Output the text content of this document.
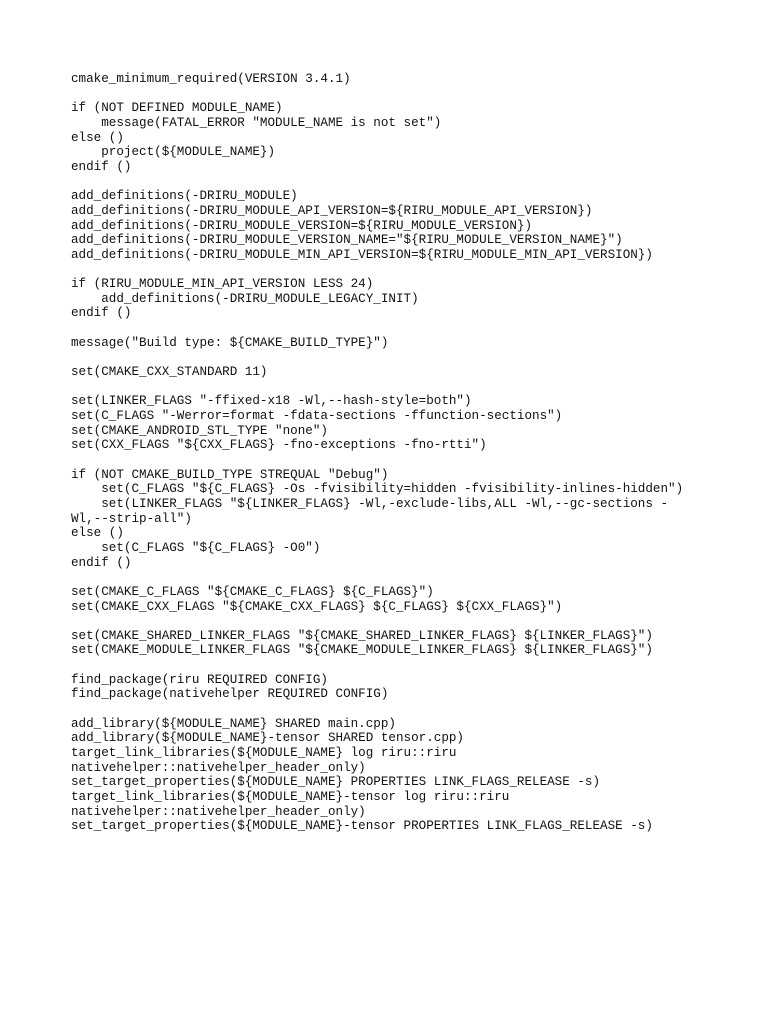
cmake_minimum_required(VERSION 3.4.1)
if (NOT DEFINED MODULE_NAME)
message(FATAL_ERROR "MODULE_NAME is not set")
else ()
project(${MODULE_NAME})
endif ()
add_definitions(-DRIRU_MODULE)
add_definitions(-DRIRU_MODULE_API_VERSION=${RIRU_MODULE_API_VERSION})
add_definitions(-DRIRU_MODULE_VERSION=${RIRU_MODULE_VERSION})
add_definitions(-DRIRU_MODULE_VERSION_NAME="${RIRU_MODULE_VERSION_NAME}")
add_definitions(-DRIRU_MODULE_MIN_API_VERSION=${RIRU_MODULE_MIN_API_VERSION})
if (RIRU_MODULE_MIN_API_VERSION LESS 24)
add_definitions(-DRIRU_MODULE_LEGACY_INIT)
endif ()
message("Build type: ${CMAKE_BUILD_TYPE}")
set(CMAKE_CXX_STANDARD 11)
set(LINKER_FLAGS "-ffixed-x18 -Wl,--hash-style=both")
set(C_FLAGS "-Werror=format -fdata-sections -ffunction-sections")
set(CMAKE_ANDROID_STL_TYPE "none")
set(CXX_FLAGS "${CXX_FLAGS} -fno-exceptions -fno-rtti")
if (NOT CMAKE_BUILD_TYPE STREQUAL "Debug")
set(C_FLAGS "${C_FLAGS} -Os -fvisibility=hidden -fvisibility-inlines-hidden")
set(LINKER_FLAGS "${LINKER_FLAGS} -Wl,-exclude-libs,ALL -Wl,--gc-sections -
Wl,--strip-all")
else ()
set(C_FLAGS "${C_FLAGS} -O0")
endif ()
set(CMAKE_C_FLAGS "${CMAKE_C_FLAGS} ${C_FLAGS}")
set(CMAKE_CXX_FLAGS "${CMAKE_CXX_FLAGS} ${C_FLAGS} ${CXX_FLAGS}")
set(CMAKE_SHARED_LINKER_FLAGS "${CMAKE_SHARED_LINKER_FLAGS} ${LINKER_FLAGS}")
set(CMAKE_MODULE_LINKER_FLAGS "${CMAKE_MODULE_LINKER_FLAGS} ${LINKER_FLAGS}")
find_package(riru REQUIRED CONFIG)
find_package(nativehelper REQUIRED CONFIG)
add_library(${MODULE_NAME} SHARED main.cpp)
add_library(${MODULE_NAME}-tensor SHARED tensor.cpp)
target_link_libraries(${MODULE_NAME} log riru::riru
nativehelper::nativehelper_header_only)
set_target_properties(${MODULE_NAME} PROPERTIES LINK_FLAGS_RELEASE -s)
target_link_libraries(${MODULE_NAME}-tensor log riru::riru
nativehelper::nativehelper_header_only)
set_target_properties(${MODULE_NAME}-tensor PROPERTIES LINK_FLAGS_RELEASE -s)
